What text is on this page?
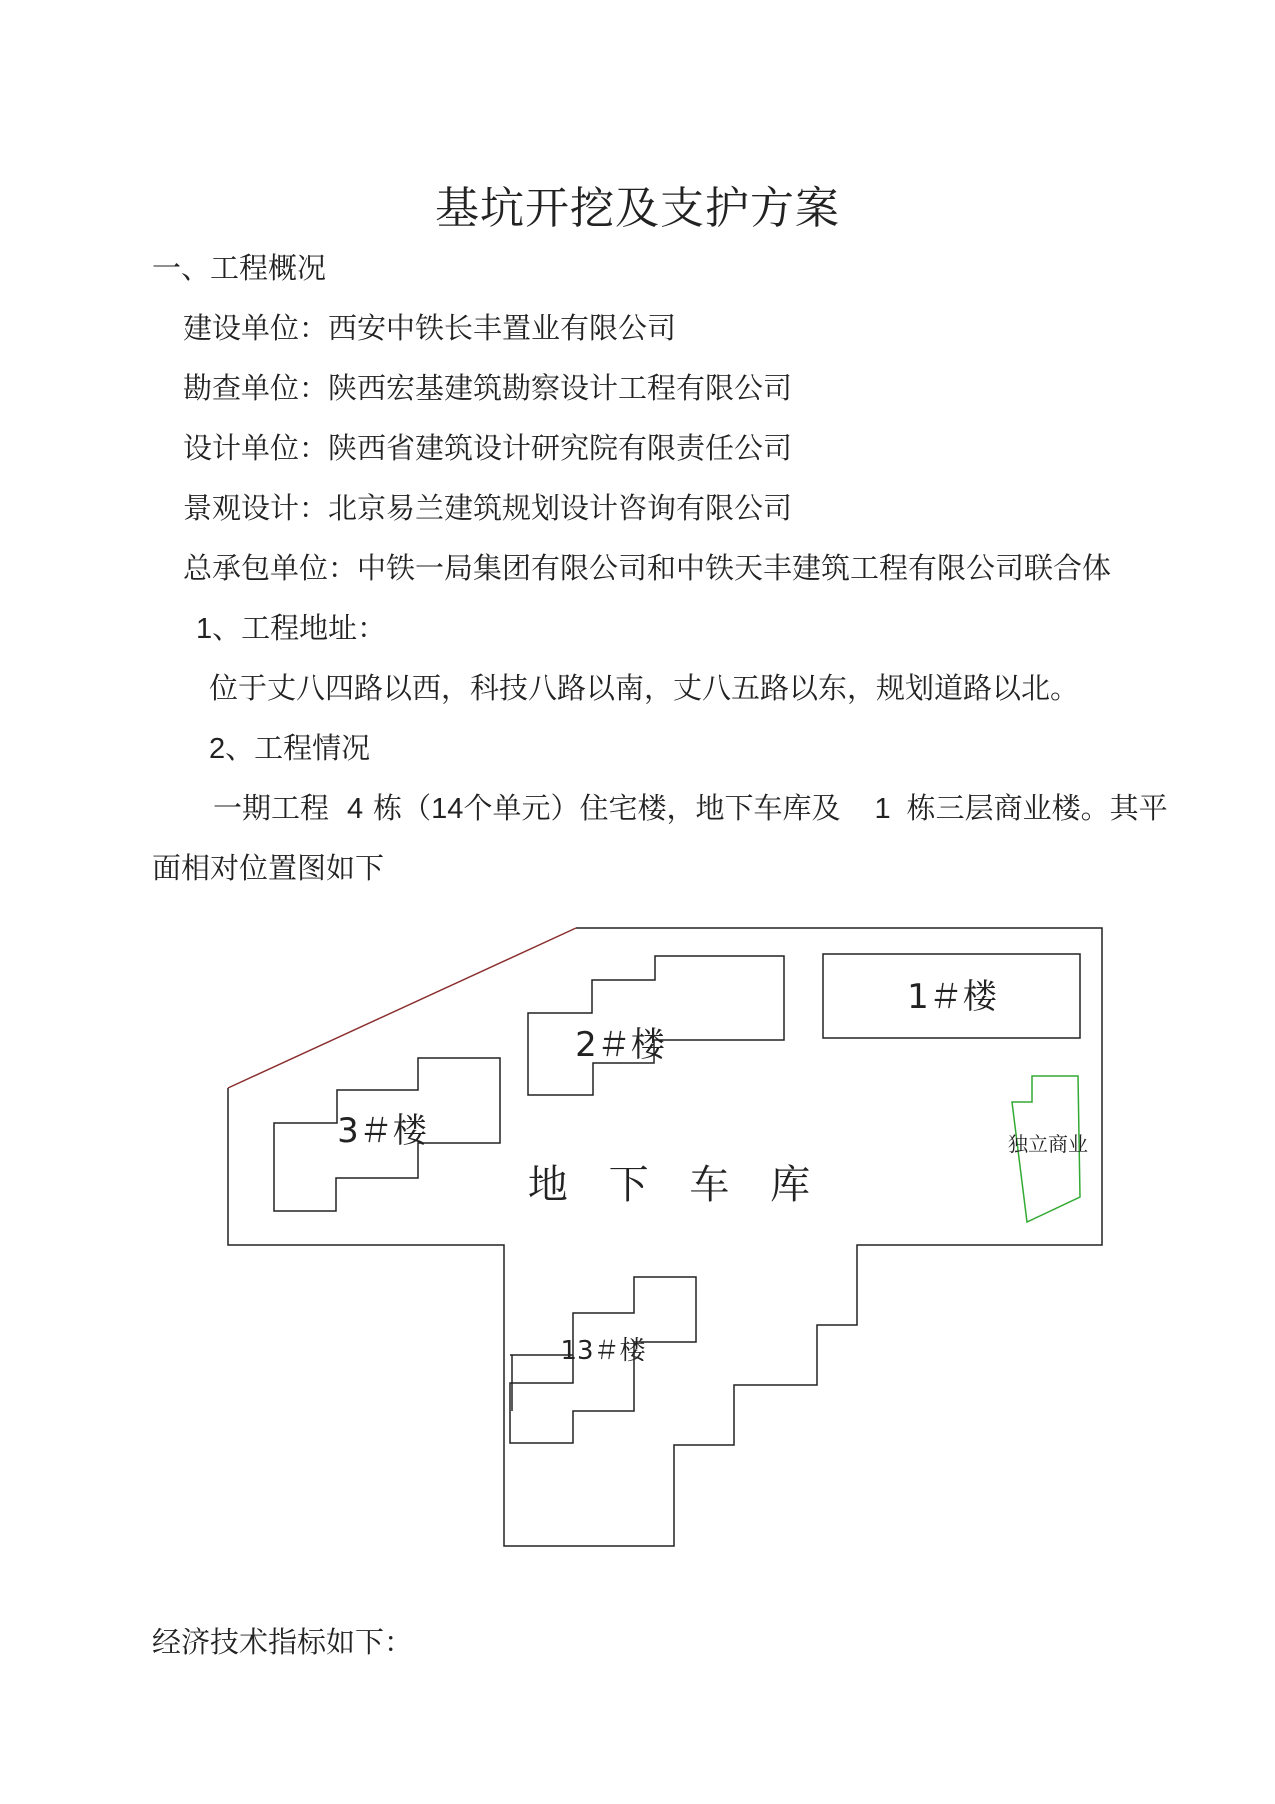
基坑开挖及支护方案
一、工程概况
建设单位：西安中铁长丰置业有限公司
勘查单位：陕西宏基建筑勘察设计工程有限公司
设计单位：陕西省建筑设计研究院有限责任公司
景观设计：北京易兰建筑规划设计咨询有限公司
总承包单位：中铁一局集团有限公司和中铁天丰建筑工程有限公司联合体
1、工程地址：
位于丈八四路以西，科技八路以南，丈八五路以东，规划道路以北。
2、工程情况
一期工程 4 栋（14个单元）住宅楼，地下车库及 1 栋三层商业楼。其平
面相对位置图如下
1＃楼
2＃楼
3＃楼
13＃楼
地 下 车 库
独立商业
经济技术指标如下：
